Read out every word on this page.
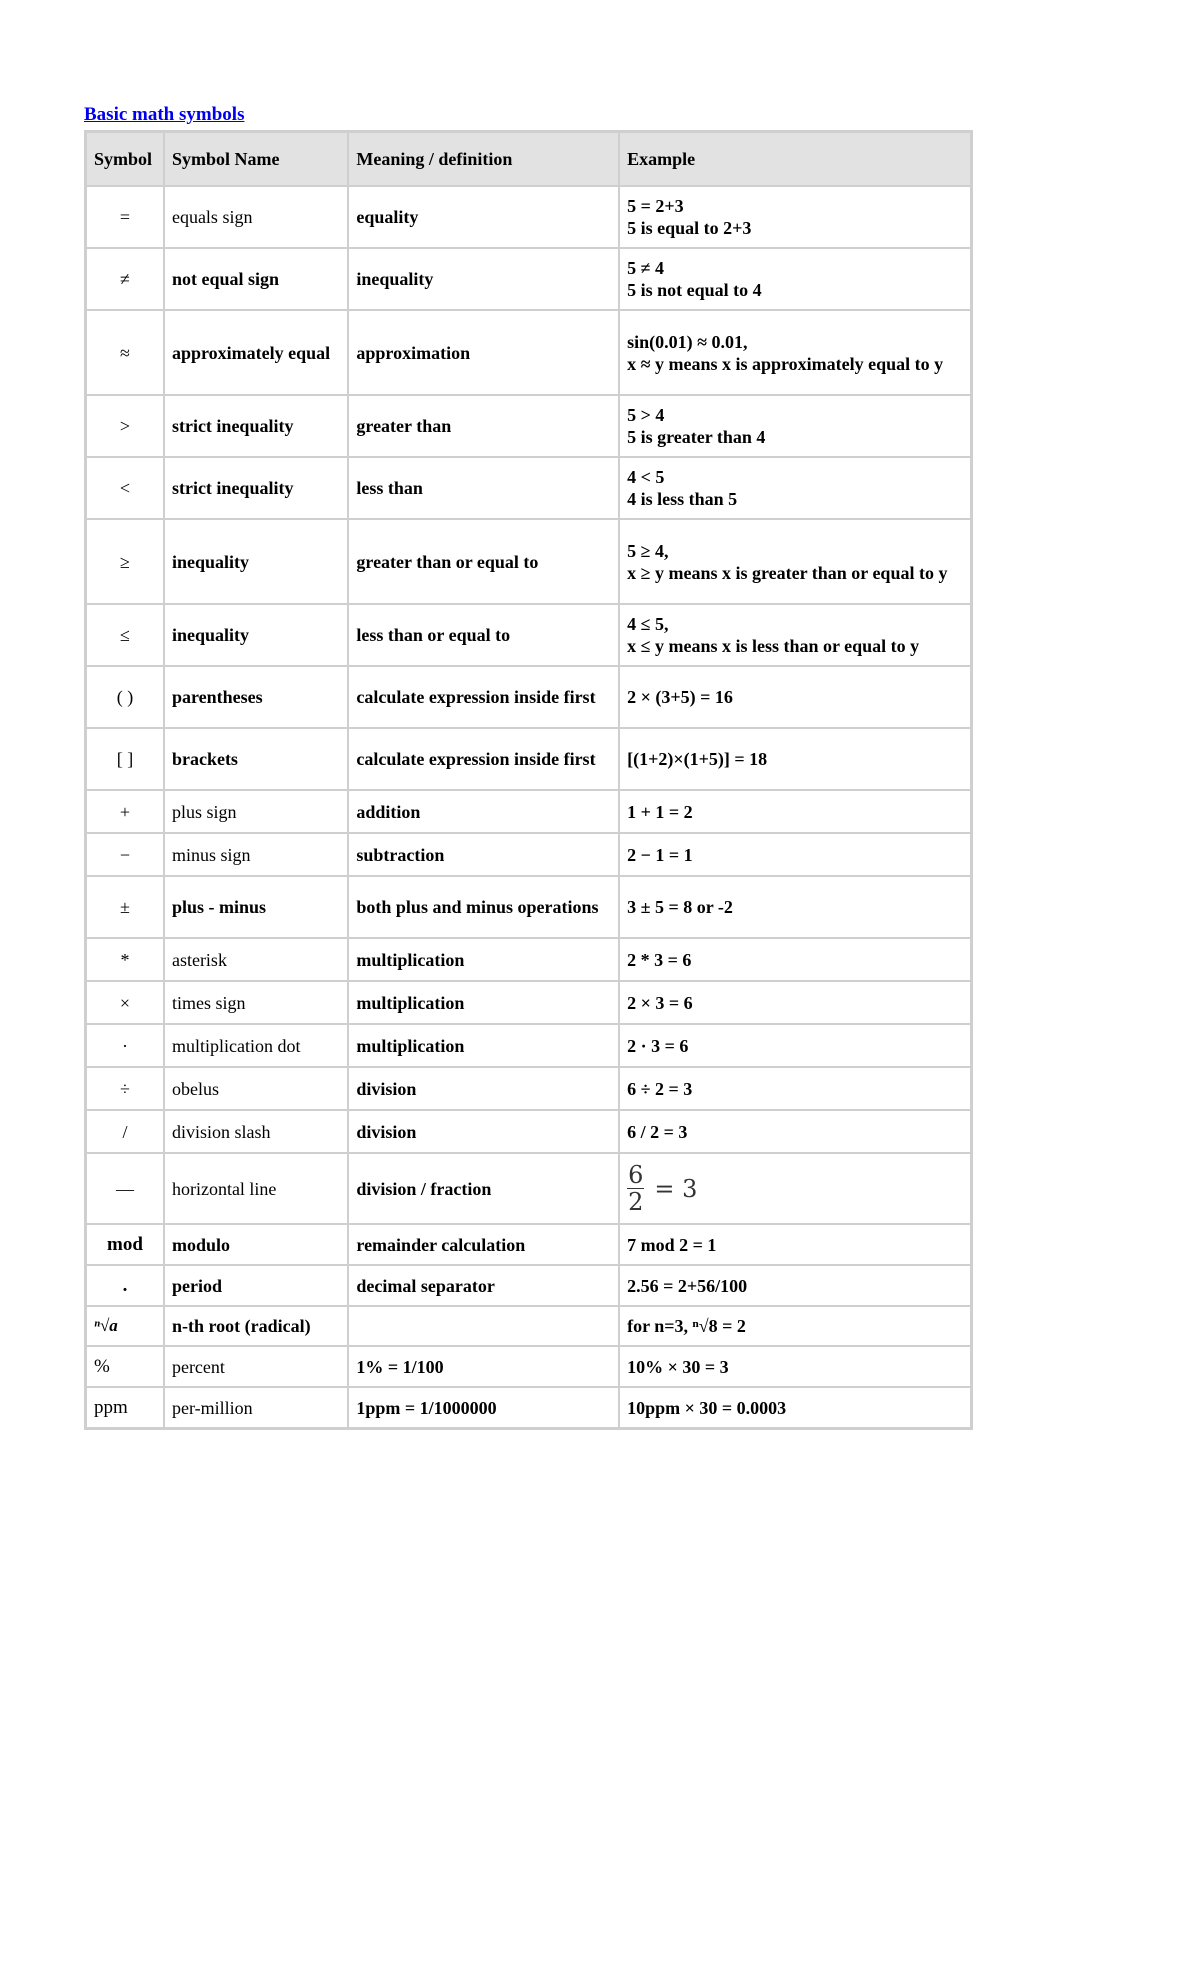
Basic math symbols
Symbol	Symbol Name	Meaning / definition	Example
=	equals sign	equality	5 = 2+3
5 is equal to 2+3

≠	not equal sign	inequality	5 ≠ 4
5 is not equal to 4

≈	approximately equal	approximation	sin(0.01) ≈ 0.01,
x ≈ y means x is approximately equal to y

>	strict inequality	greater than	5 > 4
5 is greater than 4

<	strict inequality	less than	4 < 5
4 is less than 5

≥	inequality	greater than or equal to	5 ≥ 4,
x ≥ y means x is greater than or equal to y

≤	inequality	less than or equal to	4 ≤ 5,
x ≤ y means x is less than or equal to y

( )	parentheses	calculate expression inside first	2 × (3+5) = 16
[ ]	brackets	calculate expression inside first	[(1+2)×(1+5)] = 18
+	plus sign	addition	1 + 1 = 2
−	minus sign	subtraction	2 − 1 = 1
±	plus - minus	both plus and minus operations	3 ± 5 = 8 or -2
*	asterisk	multiplication	2 * 3 = 6
×	times sign	multiplication	2 × 3 = 6
·	multiplication dot	multiplication	2 · 3 = 6
÷	obelus	division	6 ÷ 2 = 3
/	division slash	division	6 / 2 = 3
—	horizontal line	division / fraction	$\frac{6}{2} = 3$

mod	modulo	remainder calculation	7 mod 2 = 1
.	period	decimal separator	2.56 = 2+56/100
ⁿ√a	n-th root (radical)		for n=3, ⁿ√8 = 2
%	percent	1% = 1/100	10% × 30 = 3
ppm	per-million	1ppm = 1/1000000	10ppm × 30 = 0.0003
